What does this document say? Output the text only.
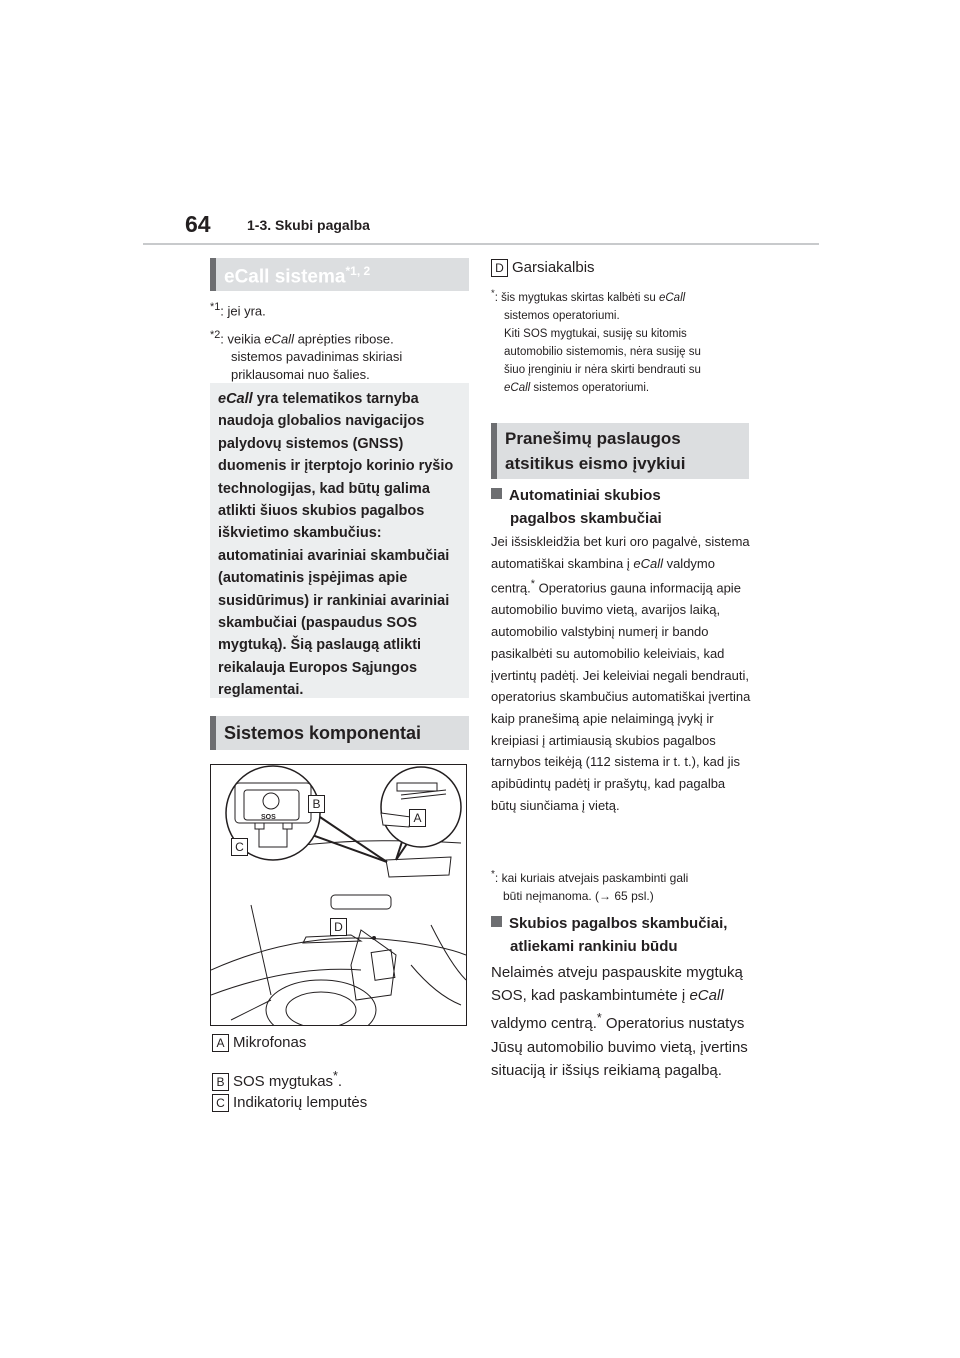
64	1-3. Skubi pagalba
eCall sistema$^{*1, 2}$
$^{*1}$: jei yra.
$^{*2}$: veikia eCall aprėpties ribose.
sistemos pavadinimas skiriasi
priklausomai nuo šalies.
eCall yra telematikos tarnyba naudoja globalios navigacijos palydovų sistemos (GNSS) duomenis ir įterptojo korinio ryšio technologijas, kad būtų galima atlikti šiuos skubios pagalbos iškvietimo skambučius: automatiniai avariniai skambučiai (automatinis įspėjimas apie susidūrimus) ir rankiniai avariniai skambučiai (paspaudus SOS mygtuką). Šią paslaugą atlikti reikalauja Europos Sąjungos reglamentai.
Sistemos komponentai
SOS
B
A
C
D
A Mikrofonas
B SOS mygtukas*.
C Indikatorių lemputės
D Garsiakalbis
*: šis mygtukas skirtas kalbėti su eCall
sistemos operatoriumi.
Kiti SOS mygtukai, susiję su kitomis
automobilio sistemomis, nėra susiję su
šiuo įrenginiu ir nėra skirti bendrauti su
eCall sistemos operatoriumi.
Pranešimų paslaugos
atsitikus eismo įvykiui
Automatiniai skubios
pagalbos skambučiai
Jei išsiskleidžia bet kuri oro pagalvė, sistema automatiškai skambina į eCall valdymo centrą.* Operatorius gauna informaciją apie automobilio buvimo vietą, avarijos laiką, automobilio valstybinį numerį ir bando pasikalbėti su automobilio keleiviais, kad įvertintų padėtį. Jei keleiviai negali bendrauti, operatorius skambučius automatiškai įvertina kaip pranešimą apie nelaimingą įvykį ir kreipiasi į artimiausią skubios pagalbos tarnybos teikėją (112 sistema ir t. t.), kad jis apibūdintų padėtį ir prašytų, kad pagalba būtų siunčiama į vietą.
*: kai kuriais atvejais paskambinti gali
būti neįmanoma. (→ 65 psl.)
Skubios pagalbos skambučiai,
atliekami rankiniu būdu
Nelaimės atveju paspauskite mygtuką SOS, kad paskambintumėte į eCall valdymo centrą.* Operatorius nustatys Jūsų automobilio buvimo vietą, įvertins situaciją ir išsiųs reikiamą pagalbą.
